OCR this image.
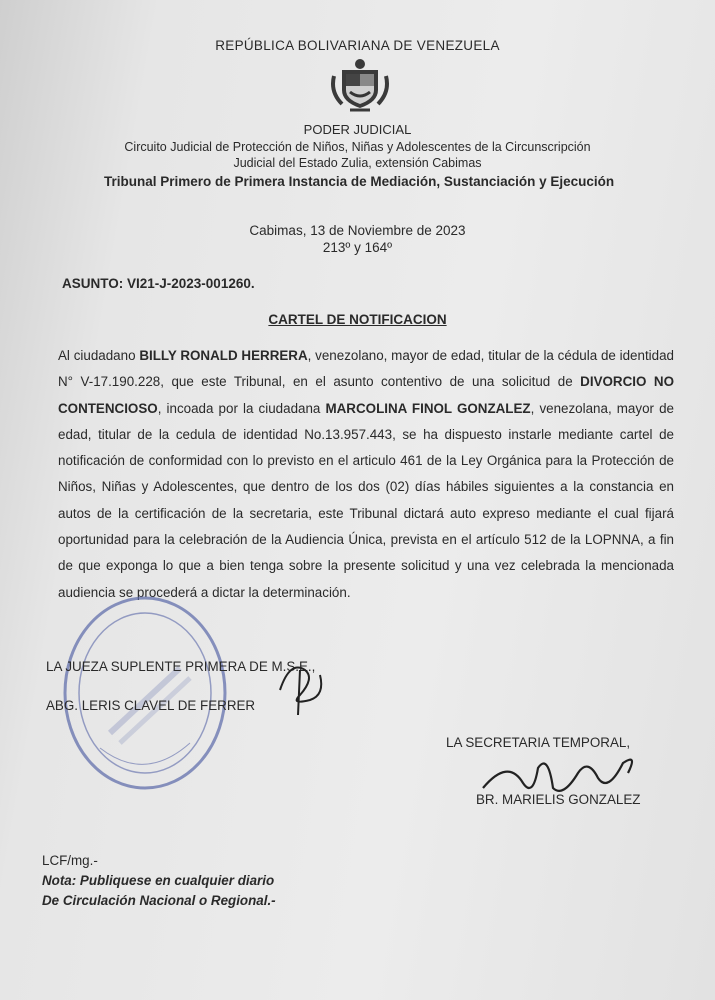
REPÚBLICA BOLIVARIANA DE VENEZUELA
PODER JUDICIAL
Circuito Judicial de Protección de Niños, Niñas y Adolescentes de la Circunscripción
Judicial del Estado Zulia, extensión Cabimas
Tribunal Primero de Primera Instancia de Mediación, Sustanciación y Ejecución
Cabimas, 13 de Noviembre de 2023
213º y 164º
ASUNTO: VI21-J-2023-001260.
CARTEL DE NOTIFICACION
Al ciudadano BILLY RONALD HERRERA, venezolano, mayor de edad, titular de la cédula de identidad N° V-17.190.228, que este Tribunal, en el asunto contentivo de una solicitud de DIVORCIO NO CONTENCIOSO, incoada por la ciudadana MARCOLINA FINOL GONZALEZ, venezolana, mayor de edad, titular de la cedula de identidad No.13.957.443, se ha dispuesto instarle mediante cartel de notificación de conformidad con lo previsto en el articulo 461 de la Ley Orgánica para la Protección de Niños, Niñas y Adolescentes, que dentro de los dos (02) días hábiles siguientes a la constancia en autos de la certificación de la secretaria, este Tribunal dictará auto expreso mediante el cual fijará oportunidad para la celebración de la Audiencia Única, prevista en el artículo 512 de la LOPNNA, a fin de que exponga lo que a bien tenga sobre la presente solicitud y una vez celebrada la mencionada audiencia se procederá a dictar la determinación.
LA JUEZA SUPLENTE PRIMERA DE M.S.E.,
ABG. LERIS CLAVEL DE FERRER
LA SECRETARIA TEMPORAL,
BR. MARIELIS GONZALEZ
LCF/mg.-
Nota: Publiquese en cualquier diario
De Circulación Nacional o Regional.-
